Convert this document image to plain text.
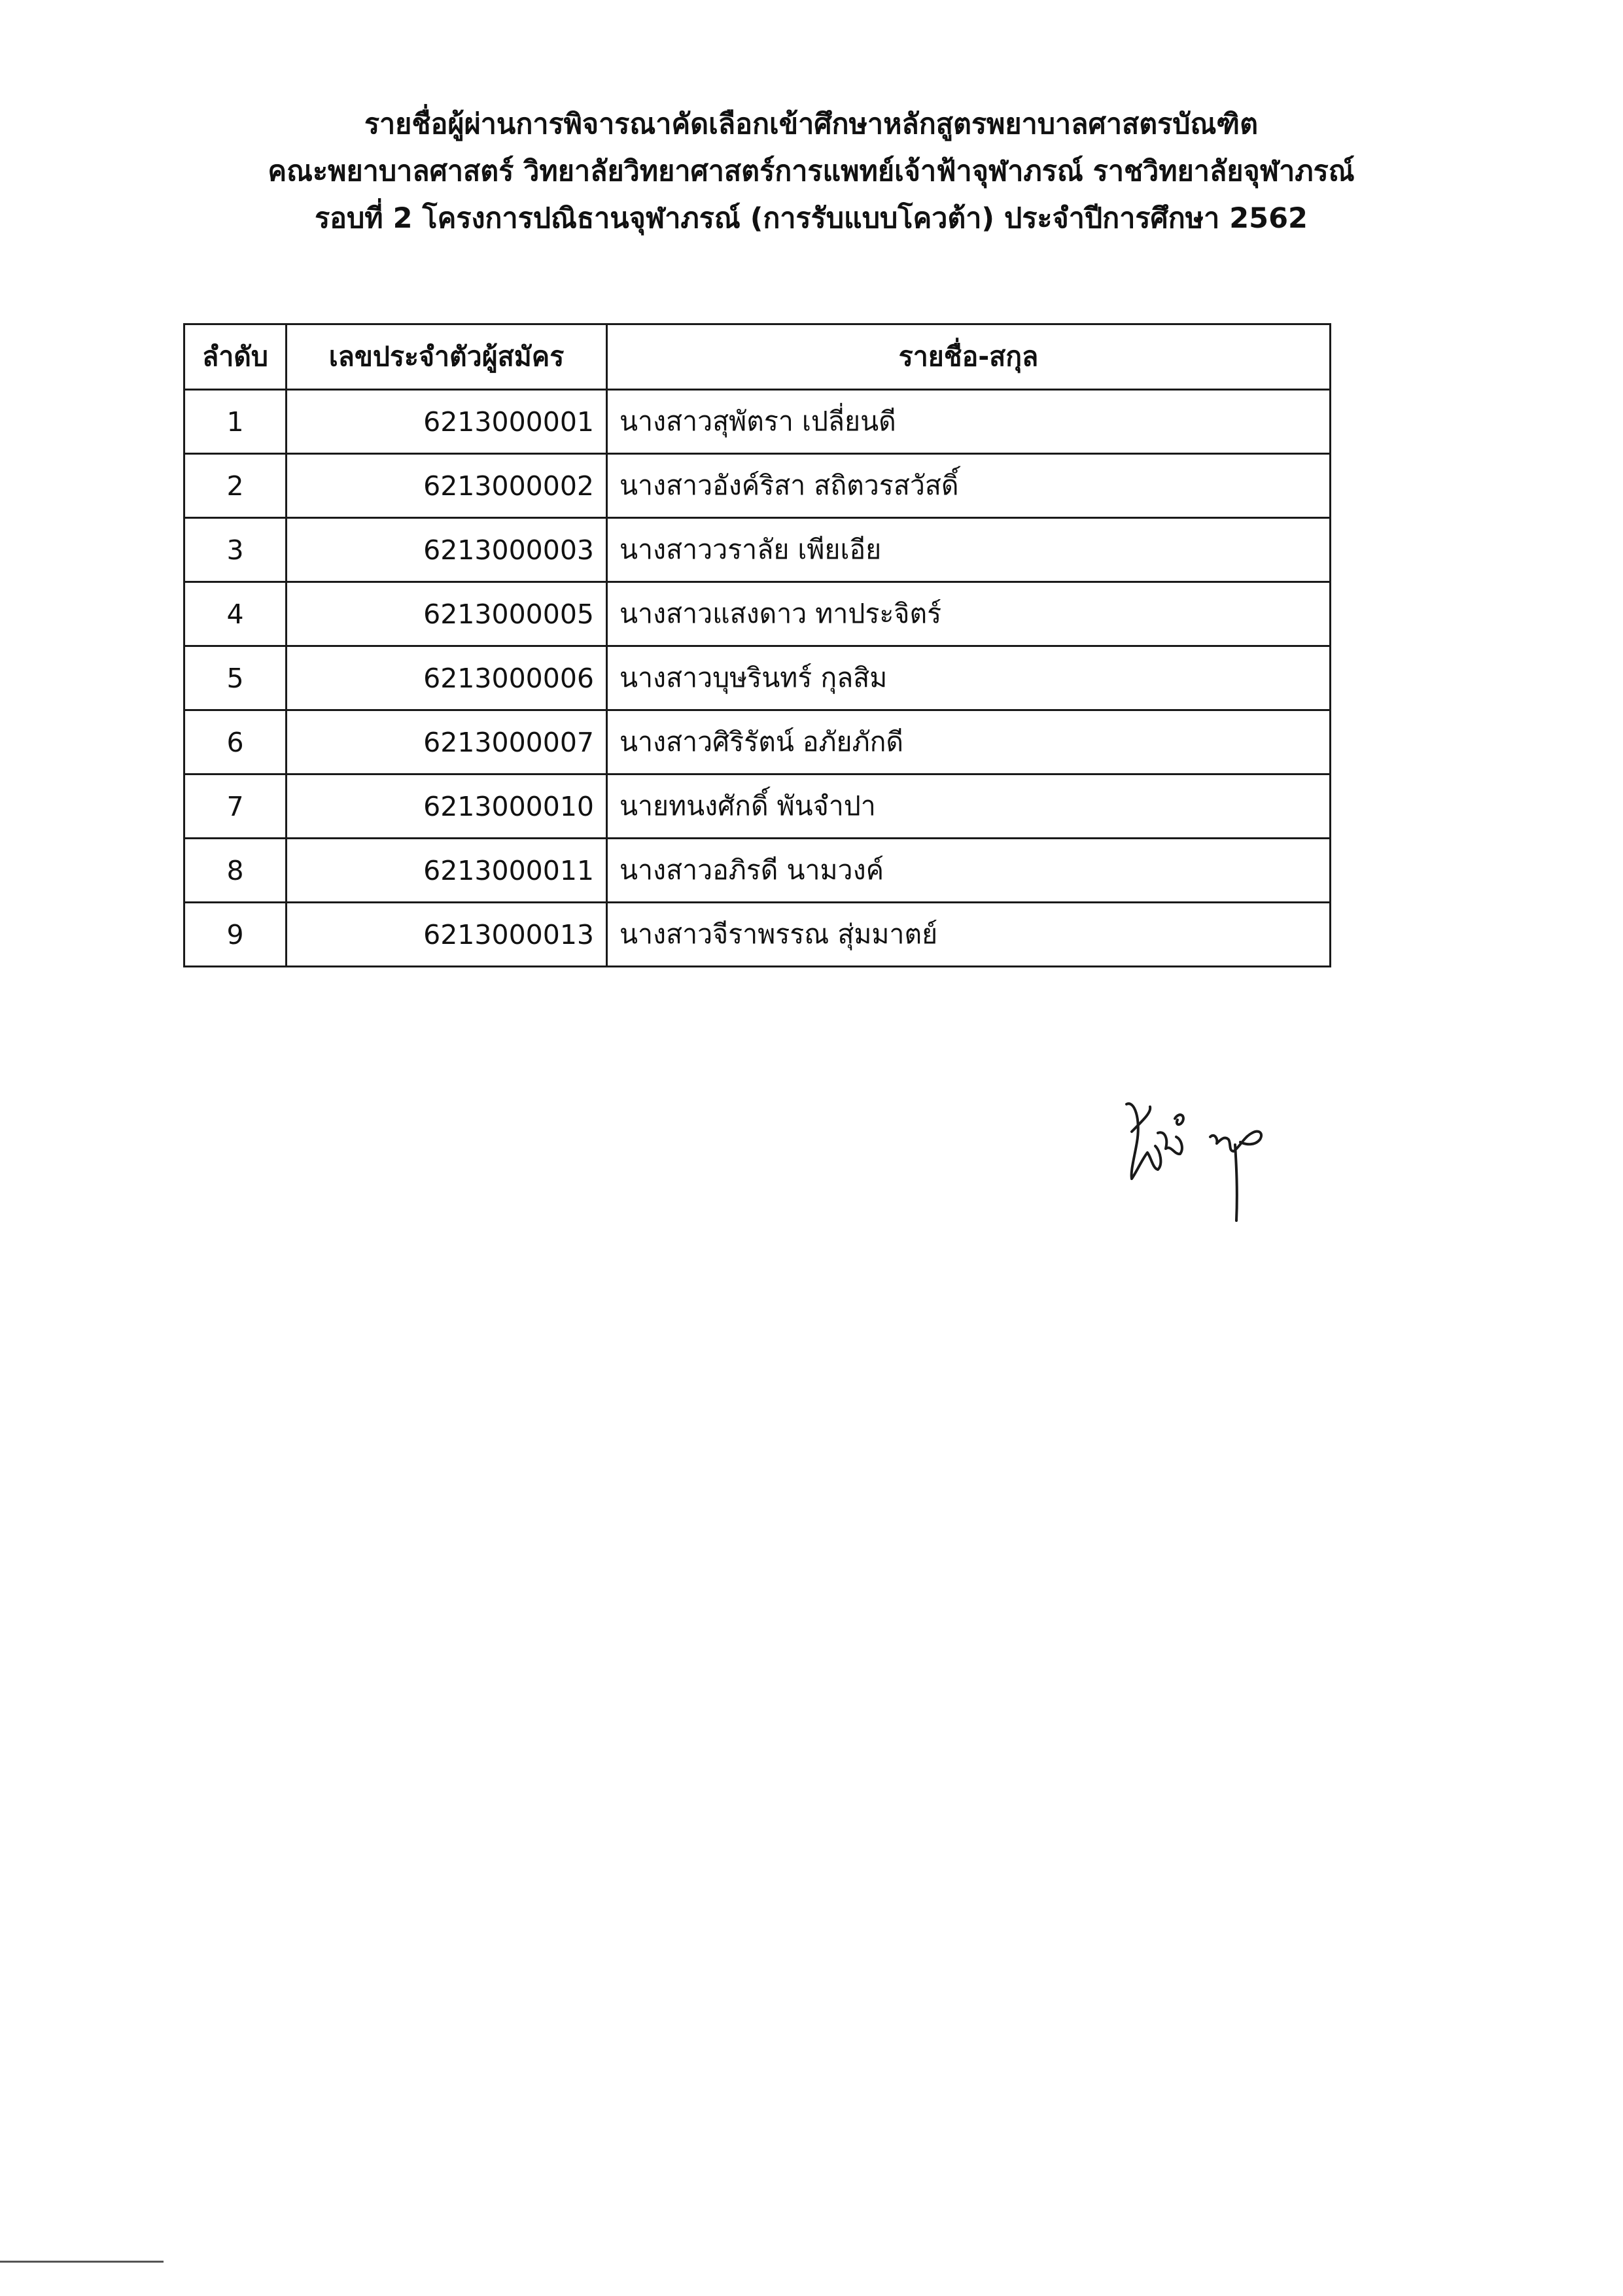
รายชื่อผู้ผ่านการพิจารณาคัดเลือกเข้าศึกษาหลักสูตรพยาบาลศาสตรบัณฑิต
คณะพยาบาลศาสตร์ วิทยาลัยวิทยาศาสตร์การแพทย์เจ้าฟ้าจุฬาภรณ์ ราชวิทยาลัยจุฬาภรณ์
รอบที่ 2 โครงการปณิธานจุฬาภรณ์ (การรับแบบโควต้า) ประจำปีการศึกษา 2562
ลำดับ	เลขประจำตัวผู้สมัคร	รายชื่อ-สกุล
1	6213000001	นางสาวสุพัตรา เปลี่ยนดี
2	6213000002	นางสาวอังค์ริสา สถิตวรสวัสดิ์
3	6213000003	นางสาววราลัย เพียเอีย
4	6213000005	นางสาวแสงดาว ทาประจิตร์
5	6213000006	นางสาวบุษรินทร์ กุลสิม
6	6213000007	นางสาวศิริรัตน์ อภัยภักดี
7	6213000010	นายทนงศักดิ์ พันจำปา
8	6213000011	นางสาวอภิรดี นามวงค์
9	6213000013	นางสาวจีราพรรณ สุ่มมาตย์
